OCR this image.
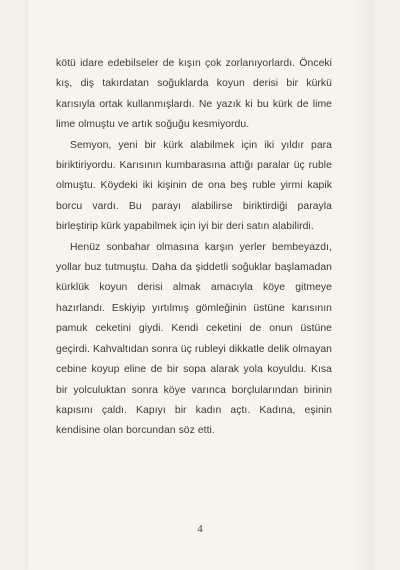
kötü idare edebilseler de kışın çok zorlanıyorlardı. Önceki kış, diş takırdatan soğuklarda koyun derisi bir kürkü karısıyla ortak kullanmışlardı. Ne yazık ki bu kürk de lime lime olmuştu ve artık soğuğu kesmiyordu.

Semyon, yeni bir kürk alabilmek için iki yıldır para biriktiriyordu. Karısının kumbarasına attığı paralar üç ruble olmuştu. Köydeki iki kişinin de ona beş ruble yirmi kapik borcu vardı. Bu parayı alabilirse biriktirdiği parayla birleştirip kürk yapabilmek için iyi bir deri satın alabilirdi.

Henüz sonbahar olmasına karşın yerler bembeyazdı, yollar buz tutmuştu. Daha da şiddetli soğuklar başlamadan kürklük koyun derisi almak amacıyla köye gitmeye hazırlandı. Eskiyip yırtılmış gömleğinin üstüne karısının pamuk ceketini giydi. Kendi ceketini de onun üstüne geçirdi. Kahvaltıdan sonra üç rubleyi dikkatle delik olmayan cebine koyup eline de bir sopa alarak yola koyuldu. Kısa bir yolculuktan sonra köye varınca borçlularından birinin kapısını çaldı. Kapıyı bir kadın açtı. Kadına, eşinin kendisine olan borcundan söz etti.

4
